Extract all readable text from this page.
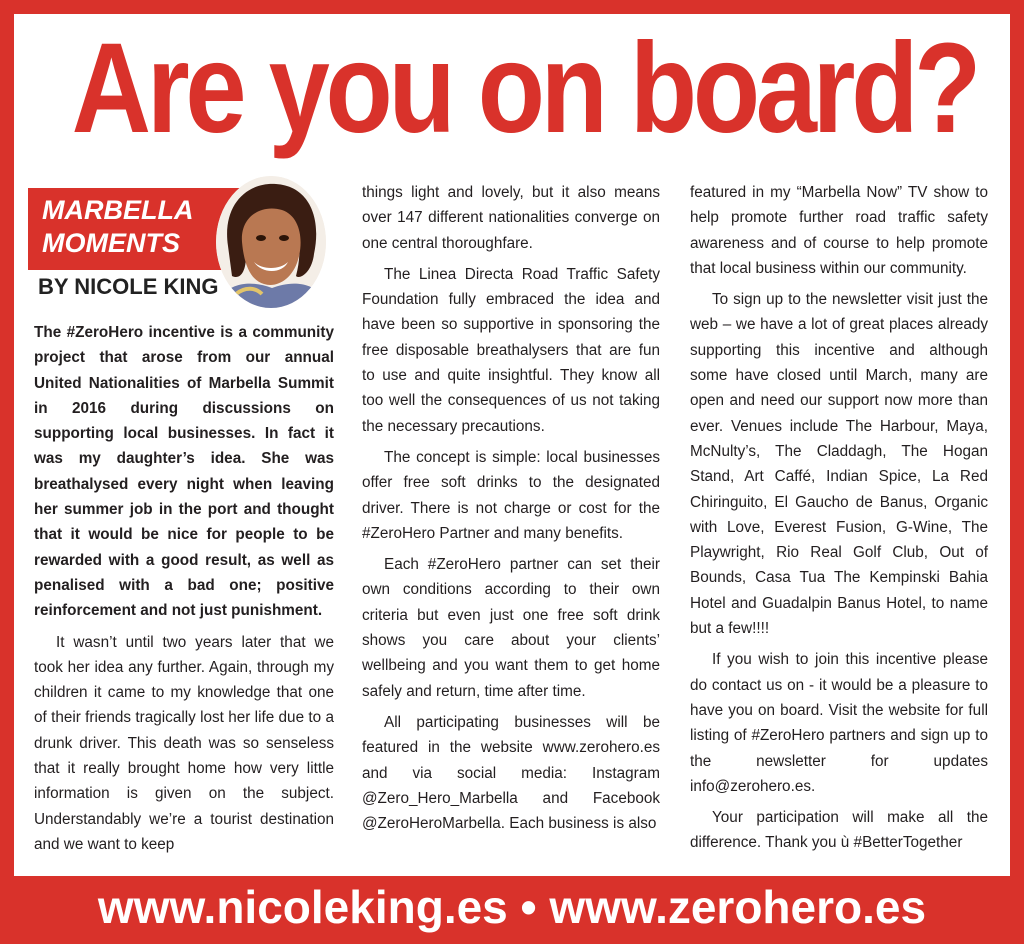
Are you on board?
MARBELLA
MOMENTS
BY NICOLE KING

The #ZeroHero incentive is a community project that arose from our annual United Nationalities of Marbella Summit in 2016 during discussions on supporting local businesses. In fact it was my daughter’s idea. She was breathalysed every night when leaving her summer job in the port and thought that it would be nice for people to be rewarded with a good result, as well as penalised with a bad one; positive reinforcement and not just punishment.

It wasn’t until two years later that we took her idea any further. Again, through my children it came to my knowledge that one of their friends tragically lost her life due to a drunk driver. This death was so senseless that it really brought home how very little information is given on the subject. Understandably we’re a tourist destination and we want to keep

things light and lovely, but it also means over 147 different nationalities converge on one central thoroughfare.

The Linea Directa Road Traffic Safety Foundation fully embraced the idea and have been so supportive in sponsoring the free disposable breathalysers that are fun to use and quite insightful. They know all too well the consequences of us not taking the necessary precautions.

The concept is simple: local businesses offer free soft drinks to the designated driver. There is not charge or cost for the #ZeroHero Partner and many benefits.

Each #ZeroHero partner can set their own conditions according to their own criteria but even just one free soft drink shows you care about your clients’ wellbeing and you want them to get home safely and return, time after time.

All participating businesses will be featured in the website www.zerohero.es and via social media: Instagram @Zero_Hero_Marbella and Facebook @ZeroHeroMarbella. Each business is also

featured in my “Marbella Now” TV show to help promote further road traffic safety awareness and of course to help promote that local business within our community.

To sign up to the newsletter visit just the web – we have a lot of great places already supporting this incentive and although some have closed until March, many are open and need our support now more than ever. Venues include The Harbour, Maya, McNulty’s, The Claddagh, The Hogan Stand, Art Caffé, Indian Spice, La Red Chiringuito, El Gaucho de Banus, Organic with Love, Everest Fusion, G-Wine, The Playwright, Rio Real Golf Club, Out of Bounds, Casa Tua The Kempinski Bahia Hotel and Guadalpin Banus Hotel, to name but a few!!!!

If you wish to join this incentive please do contact us on - it would be a pleasure to have you on board. Visit the website for full listing of #ZeroHero partners and sign up to the newsletter for updates info@zerohero.es.

Your participation will make all the difference. Thank you ù #BetterTogether

www.nicoleking.es • www.zerohero.es
